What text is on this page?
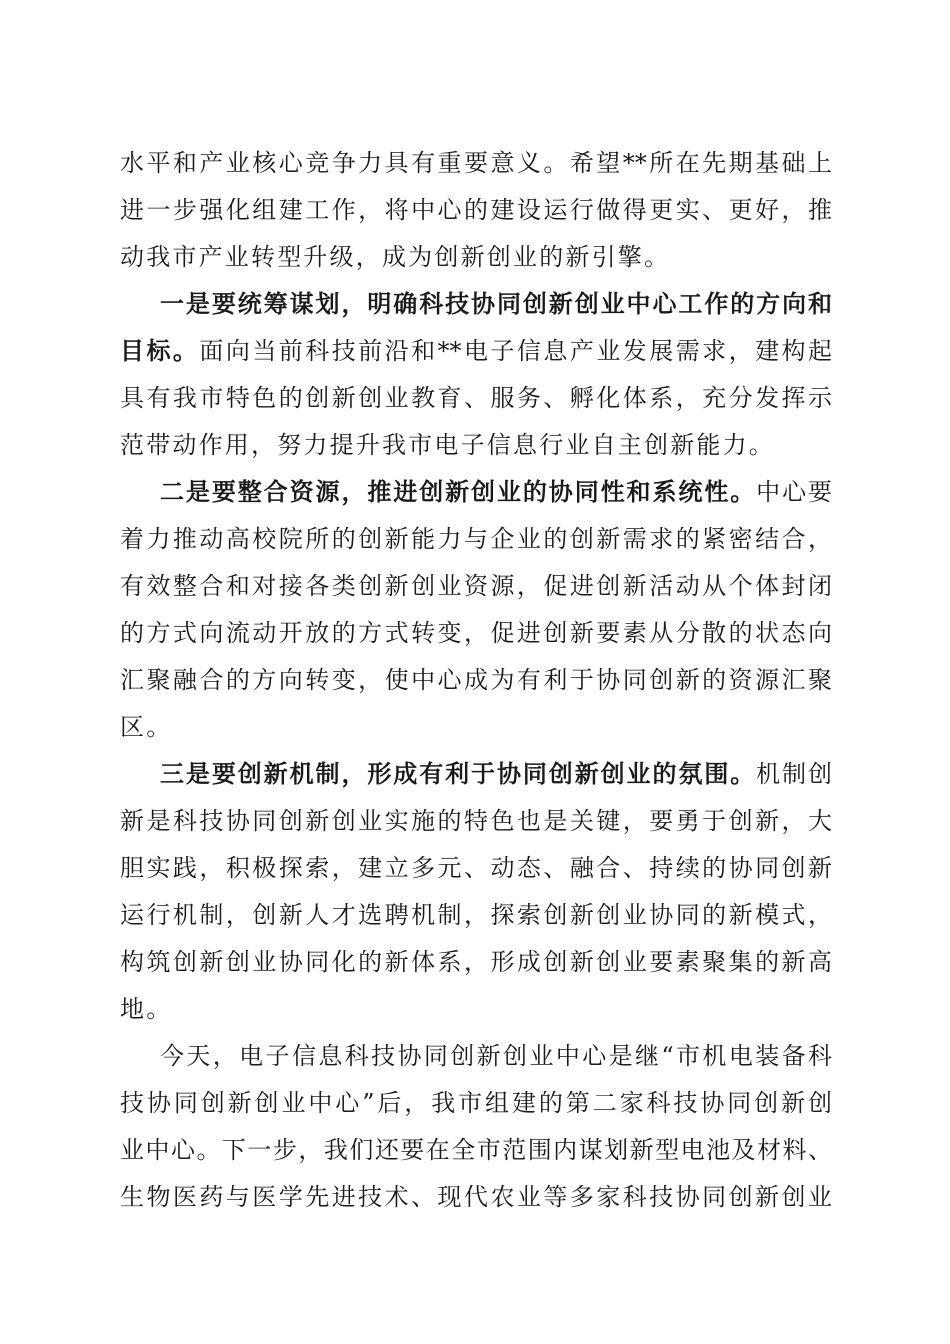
水平和产业核心竞争力具有重要意义。希望**所在先期基础上
进一步强化组建工作，将中心的建设运行做得更实、更好，推
动我市产业转型升级，成为创新创业的新引擎。
一是要统筹谋划，明确科技协同创新创业中心工作的方向和
目标。面向当前科技前沿和**电子信息产业发展需求，建构起
具有我市特色的创新创业教育、服务、孵化体系，充分发挥示
范带动作用，努力提升我市电子信息行业自主创新能力。
二是要整合资源，推进创新创业的协同性和系统性。中心要
着力推动高校院所的创新能力与企业的创新需求的紧密结合，
有效整合和对接各类创新创业资源，促进创新活动从个体封闭
的方式向流动开放的方式转变，促进创新要素从分散的状态向
汇聚融合的方向转变，使中心成为有利于协同创新的资源汇聚
区。
三是要创新机制，形成有利于协同创新创业的氛围。机制创
新是科技协同创新创业实施的特色也是关键，要勇于创新，大
胆实践，积极探索，建立多元、动态、融合、持续的协同创新
运行机制，创新人才选聘机制，探索创新创业协同的新模式，
构筑创新创业协同化的新体系，形成创新创业要素聚集的新高
地。
今天，电子信息科技协同创新创业中心是继“市机电装备科
技协同创新创业中心”后，我市组建的第二家科技协同创新创
业中心。下一步，我们还要在全市范围内谋划新型电池及材料、
生物医药与医学先进技术、现代农业等多家科技协同创新创业
